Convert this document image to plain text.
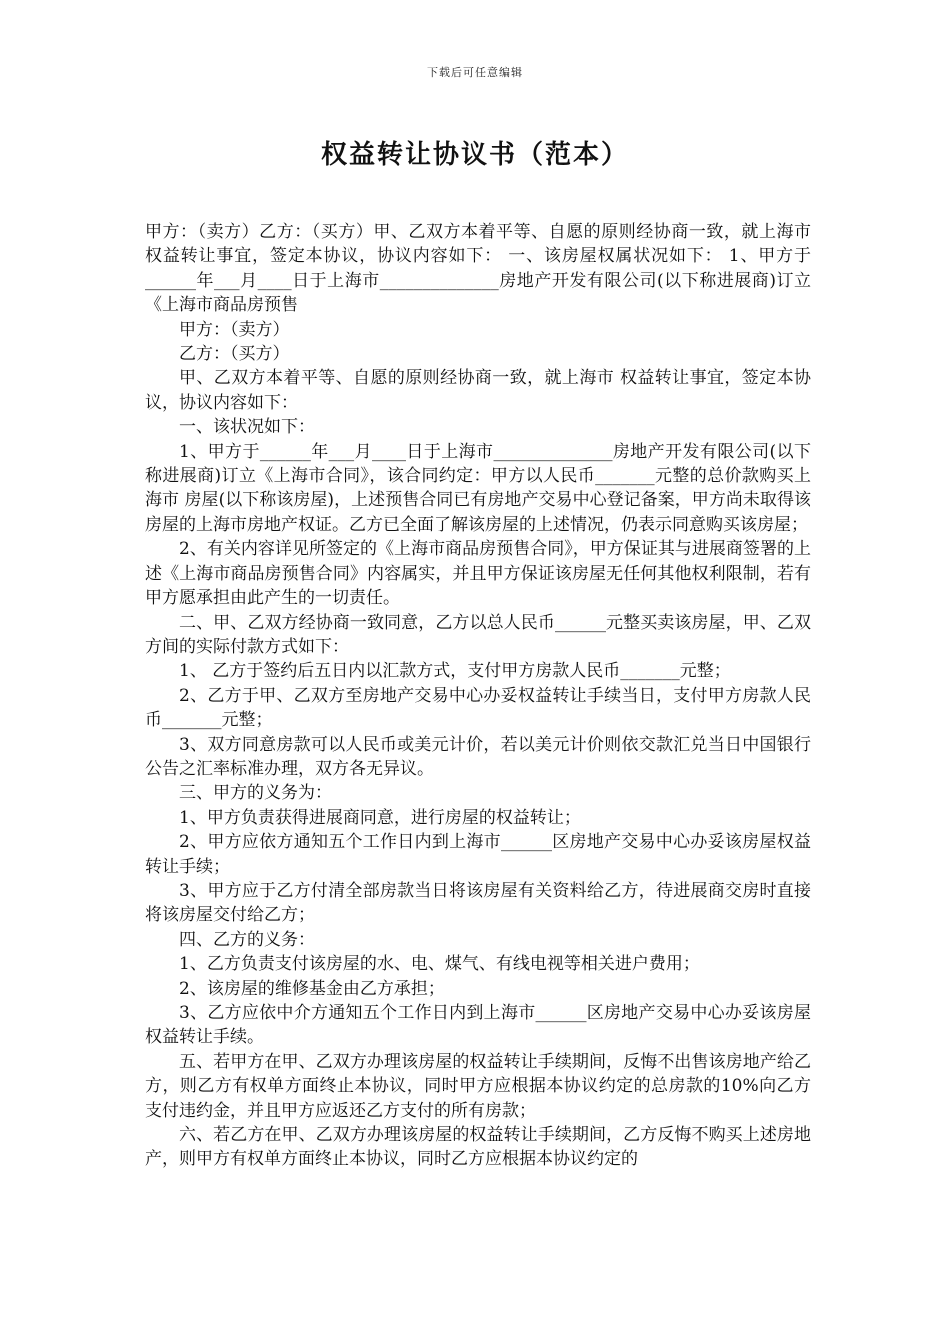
下载后可任意编辑
权益转让协议书（范本）

甲方：（卖方）乙方：（买方）甲、乙双方本着平等、自愿的原则经协商一致，就上海市 权益转让事宜，签定本协议，协议内容如下： 一、该房屋权属状况如下： 1、甲方于______年___月____日于上海市______________房地产开发有限公司(以下称进展商)订立《上海市商品房预售

甲方：（卖方）

乙方：（买方）

甲、乙双方本着平等、自愿的原则经协商一致，就上海市 权益转让事宜，签定本协议，协议内容如下：

一、该状况如下：

1、甲方于______年___月____日于上海市______________房地产开发有限公司(以下称进展商)订立《上海市合同》，该合同约定：甲方以人民币_______元整的总价款购买上海市 房屋(以下称该房屋)，上述预售合同已有房地产交易中心登记备案，甲方尚未取得该房屋的上海市房地产权证。乙方已全面了解该房屋的上述情况，仍表示同意购买该房屋；

2、有关内容详见所签定的《上海市商品房预售合同》，甲方保证其与进展商签署的上述《上海市商品房预售合同》内容属实，并且甲方保证该房屋无任何其他权利限制，若有甲方愿承担由此产生的一切责任。

二、甲、乙双方经协商一致同意，乙方以总人民币______元整买卖该房屋，甲、乙双方间的实际付款方式如下：

1、 乙方于签约后五日内以汇款方式，支付甲方房款人民币_______元整；

2、乙方于甲、乙双方至房地产交易中心办妥权益转让手续当日，支付甲方房款人民币_______元整；

3、双方同意房款可以人民币或美元计价，若以美元计价则依交款汇兑当日中国银行公告之汇率标准办理，双方各无异议。

三、甲方的义务为：

1、甲方负责获得进展商同意，进行房屋的权益转让；

2、甲方应依方通知五个工作日内到上海市______区房地产交易中心办妥该房屋权益转让手续；

3、甲方应于乙方付清全部房款当日将该房屋有关资料给乙方，待进展商交房时直接将该房屋交付给乙方；

四、乙方的义务：

1、乙方负责支付该房屋的水、电、煤气、有线电视等相关进户费用；

2、该房屋的维修基金由乙方承担；

3、乙方应依中介方通知五个工作日内到上海市______区房地产交易中心办妥该房屋权益转让手续。

五、若甲方在甲、乙双方办理该房屋的权益转让手续期间，反悔不出售该房地产给乙方，则乙方有权单方面终止本协议，同时甲方应根据本协议约定的总房款的10%向乙方支付违约金，并且甲方应返还乙方支付的所有房款；

六、若乙方在甲、乙双方办理该房屋的权益转让手续期间，乙方反悔不购买上述房地产，则甲方有权单方面终止本协议，同时乙方应根据本协议约定的
